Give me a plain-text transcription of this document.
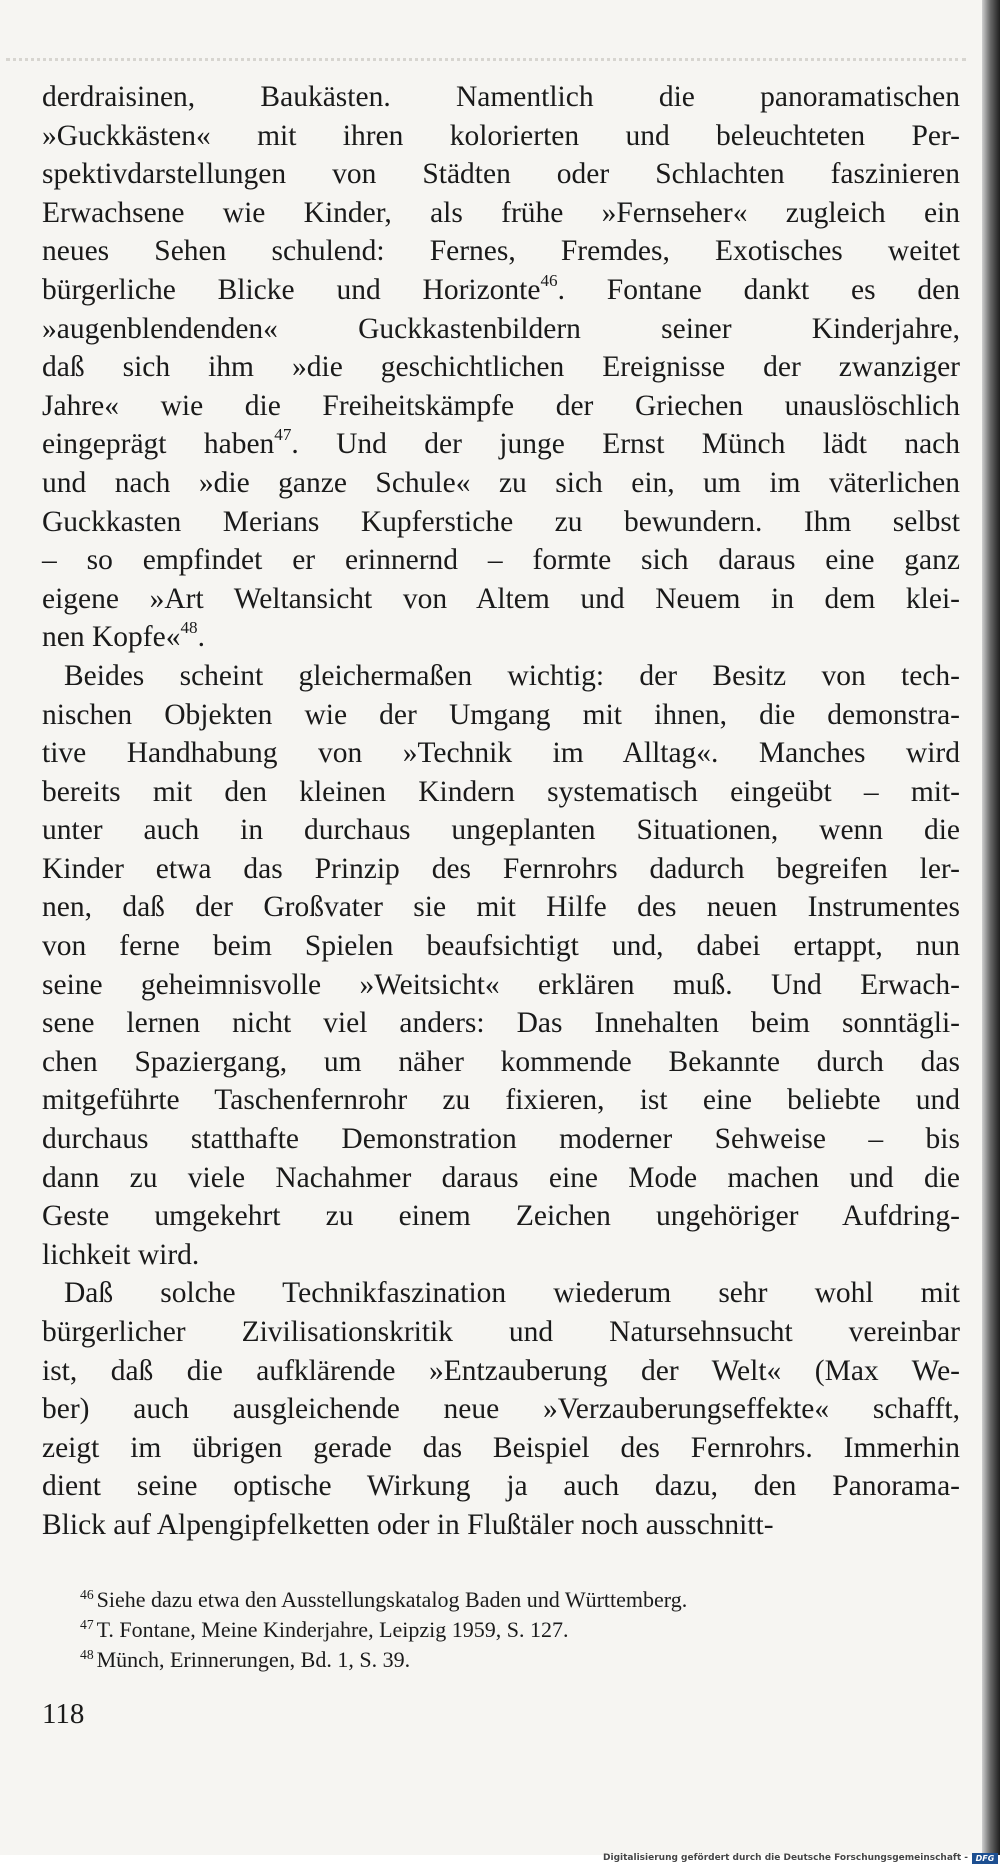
derdraisinen, Baukästen. Namentlich die panoramatischen
»Guckkästen« mit ihren kolorierten und beleuchteten Per-
spektivdarstellungen von Städten oder Schlachten faszinieren
Erwachsene wie Kinder, als frühe »Fernseher« zugleich ein
neues Sehen schulend: Fernes, Fremdes, Exotisches weitet
bürgerliche Blicke und Horizonte$^{46}$. Fontane dankt es den
»augenblendenden« Guckkastenbildern seiner Kinderjahre,
daß sich ihm »die geschichtlichen Ereignisse der zwanziger
Jahre« wie die Freiheitskämpfe der Griechen unauslöschlich
eingeprägt haben$^{47}$. Und der junge Ernst Münch lädt nach
und nach »die ganze Schule« zu sich ein, um im väterlichen
Guckkasten Merians Kupferstiche zu bewundern. Ihm selbst
– so empfindet er erinnernd – formte sich daraus eine ganz
eigene »Art Weltansicht von Altem und Neuem in dem klei-
nen Kopfe«$^{48}$.
Beides scheint gleichermaßen wichtig: der Besitz von tech-
nischen Objekten wie der Umgang mit ihnen, die demonstra-
tive Handhabung von »Technik im Alltag«. Manches wird
bereits mit den kleinen Kindern systematisch eingeübt – mit-
unter auch in durchaus ungeplanten Situationen, wenn die
Kinder etwa das Prinzip des Fernrohrs dadurch begreifen ler-
nen, daß der Großvater sie mit Hilfe des neuen Instrumentes
von ferne beim Spielen beaufsichtigt und, dabei ertappt, nun
seine geheimnisvolle »Weitsicht« erklären muß. Und Erwach-
sene lernen nicht viel anders: Das Innehalten beim sonntägli-
chen Spaziergang, um näher kommende Bekannte durch das
mitgeführte Taschenfernrohr zu fixieren, ist eine beliebte und
durchaus statthafte Demonstration moderner Sehweise – bis
dann zu viele Nachahmer daraus eine Mode machen und die
Geste umgekehrt zu einem Zeichen ungehöriger Aufdring-
lichkeit wird.
Daß solche Technikfaszination wiederum sehr wohl mit
bürgerlicher Zivilisationskritik und Natursehnsucht vereinbar
ist, daß die aufklärende »Entzauberung der Welt« (Max We-
ber) auch ausgleichende neue »Verzauberungseffekte« schafft,
zeigt im übrigen gerade das Beispiel des Fernrohrs. Immerhin
dient seine optische Wirkung ja auch dazu, den Panorama-
Blick auf Alpengipfelketten oder in Flußtäler noch ausschnitt-
$^{46}$ Siehe dazu etwa den Ausstellungskatalog Baden und Württemberg.
$^{47}$ T. Fontane, Meine Kinderjahre, Leipzig 1959, S. 127.
$^{48}$ Münch, Erinnerungen, Bd. 1, S. 39.
118
Digitalisierung gefördert durch die Deutsche Forschungsgemeinschaft - DFG
